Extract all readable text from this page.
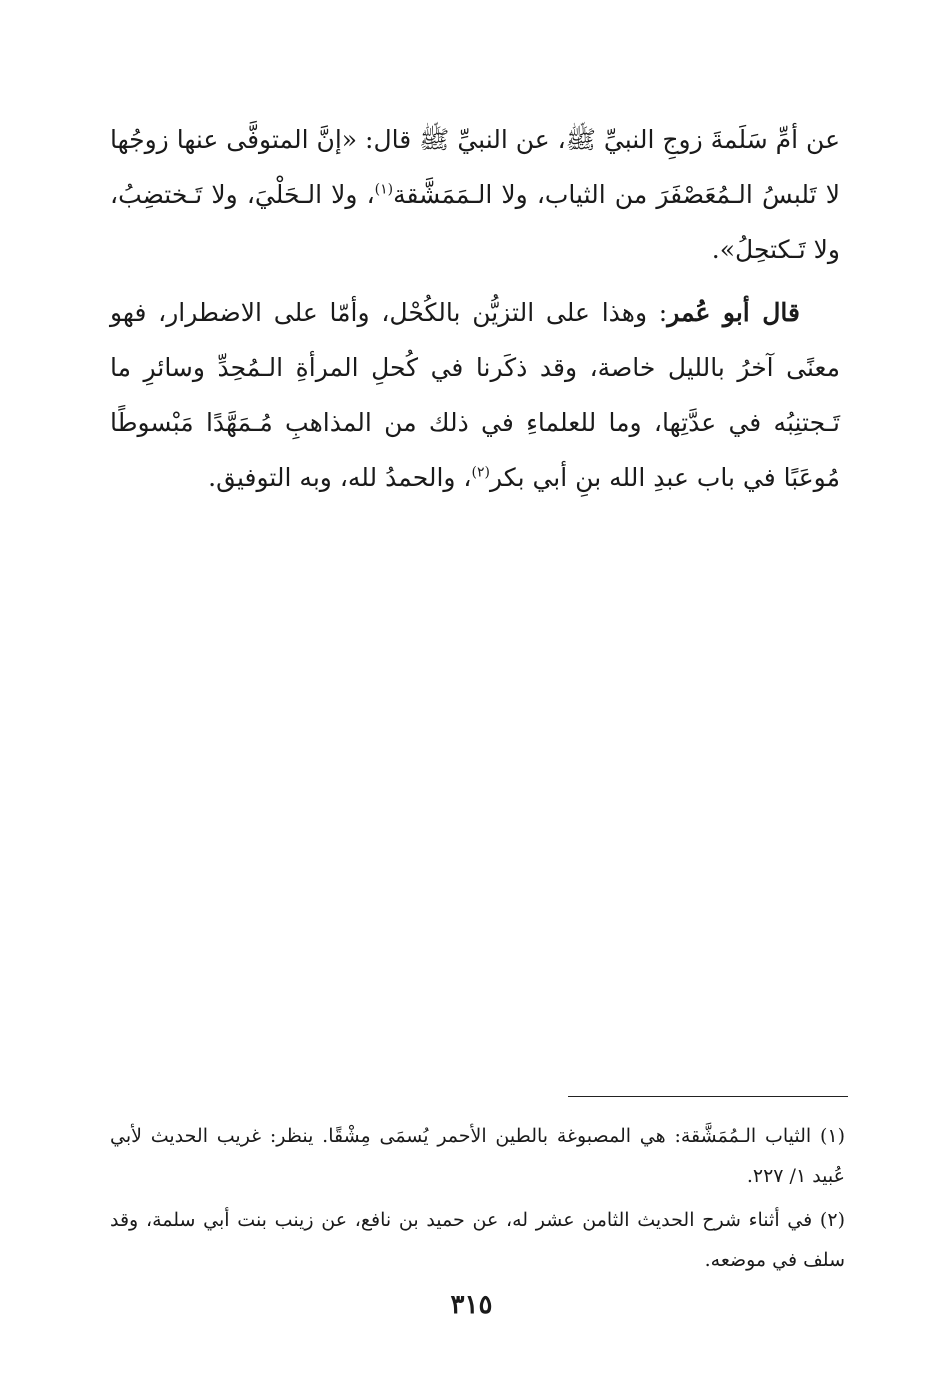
عن أمِّ سَلَمةَ زوجِ النبيِّ ﷺ، عن النبيِّ ﷺ قال: «إنَّ المتوفَّى عنها زوجُها لا تَلبسُ الـمُعَصْفَرَ من الثياب، ولا الـمَمَشَّقة$^{(١)}$، ولا الـحَلْيَ، ولا تَـختضِبُ، ولا تَـكتحِلُ».

قال أبو عُمر: وهذا على التزيُّن بالكُحْل، وأمّا على الاضطرار، فهو معنًى آخرُ بالليل خاصة، وقد ذكَرنا في كُحلِ المرأةِ الـمُحِدِّ وسائرِ ما تَـجتنِبُه في عدَّتِها، وما للعلماءِ في ذلك من المذاهبِ مُـمَهَّدًا مَبْسوطًا مُوعَبًا في باب عبدِ الله بنِ أبي بكر$^{(٢)}$، والحمدُ لله، وبه التوفيق.

(١) الثياب الـمُمَشَّقة: هي المصبوغة بالطين الأحمر يُسمَى مِشْقًا. ينظر: غريب الحديث لأبي عُبيد ١/ ٢٢٧.

(٢) في أثناء شرح الحديث الثامن عشر له، عن حميد بن نافع، عن زينب بنت أبي سلمة، وقد سلف في موضعه.

٣١٥
